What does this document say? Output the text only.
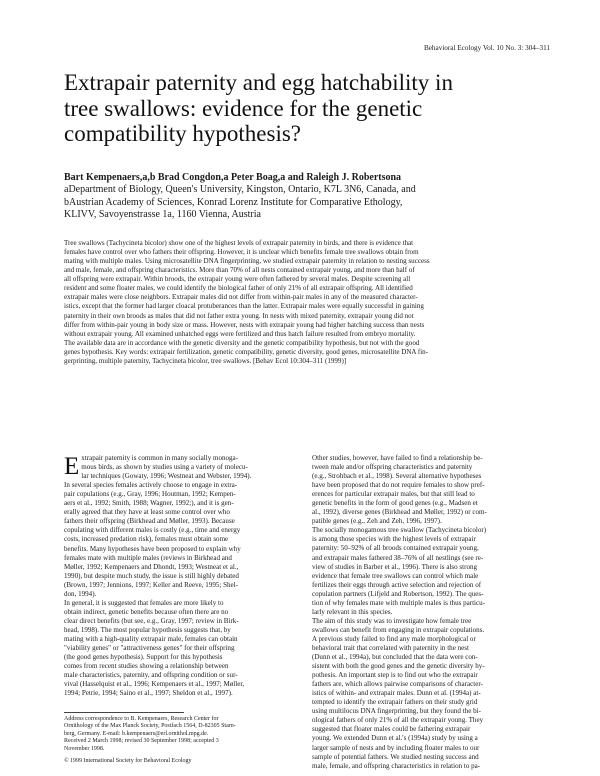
Behavioral Ecology Vol. 10 No. 3: 304–311
Extrapair paternity and egg hatchability in
tree swallows: evidence for the genetic
compatibility hypothesis?
Bart Kempenaers,a,b Brad Congdon,a Peter Boag,a and Raleigh J. Robertsona
aDepartment of Biology, Queen's University, Kingston, Ontario, K7L 3N6, Canada, and
bAustrian Academy of Sciences, Konrad Lorenz Institute for Comparative Ethology,
KLIVV, Savoyenstrasse 1a, 1160 Vienna, Austria
Tree swallows (Tachycineta bicolor) show one of the highest levels of extrapair paternity in birds, and there is evidence that
females have control over who fathers their offspring. However, it is unclear which benefits female tree swallows obtain from
mating with multiple males. Using microsatellite DNA fingerprinting, we studied extrapair paternity in relation to nesting success
and male, female, and offspring characteristics. More than 70% of all nests contained extrapair young, and more than half of
all offspring were extrapair. Within broods, the extrapair young were often fathered by several males. Despite screening all
resident and some floater males, we could identify the biological father of only 21% of all extrapair offspring. All identified
extrapair males were close neighbors. Extrapair males did not differ from within-pair males in any of the measured character-
istics, except that the former had larger cloacal protuberances than the latter. Extrapair males were equally successful in gaining
paternity in their own broods as males that did not father extra young. In nests with mixed paternity, extrapair young did not
differ from within-pair young in body size or mass. However, nests with extrapair young had higher hatching success than nests
without extrapair young. All examined unhatched eggs were fertilized and thus hatch failure resulted from embryo mortality.
The available data are in accordance with the genetic diversity and the genetic compatibility hypothesis, but not with the good
genes hypothesis. Key words: extrapair fertilization, genetic compatibility, genetic diversity, good genes, microsatellite DNA fin-
gerprinting, multiple paternity, Tachycineta bicolor, tree swallows. [Behav Ecol 10:304–311 (1999)]
E xtrapair paternity is common in many socially monoga-
mous birds, as shown by studies using a variety of molecu-
lar techniques (Gowaty, 1996; Westneat and Webster, 1994).
In several species females actively choose to engage in extra-
pair copulations (e.g., Gray, 1996; Houtman, 1992; Kempen-
aers et al., 1992; Smith, 1988; Wagner, 1992;), and it is gen-
erally agreed that they have at least some control over who
fathers their offspring (Birkhead and Møller, 1993). Because
copulating with different males is costly (e.g., time and energy
costs, increased predation risk), females must obtain some
benefits. Many hypotheses have been proposed to explain why
females mate with multiple males (reviews in Birkhead and
Møller, 1992; Kempenaers and Dhondt, 1993; Westneat et al.,
1990), but despite much study, the issue is still highly debated
(Brown, 1997; Jennions, 1997; Keller and Reeve, 1995; Shel-
don, 1994).
In general, it is suggested that females are more likely to
obtain indirect, genetic benefits because often there are no
clear direct benefits (but see, e.g., Gray, 1997; review in Birk-
head, 1998). The most popular hypothesis suggests that, by
mating with a high-quality extrapair male, females can obtain
"viability genes" or "attractiveness genes" for their offspring
(the good genes hypothesis). Support for this hypothesis
comes from recent studies showing a relationship between
male characteristics, paternity, and offspring condition or sur-
vival (Hasselquist et al., 1996; Kempenaers et al., 1997; Møller,
1994; Petrie, 1994; Saino et al., 1997; Sheldon et al., 1997).
Other studies, however, have failed to find a relationship be-
tween male and/or offspring characteristics and paternity
(e.g., Strohbach et al., 1998). Several alternative hypotheses
have been proposed that do not require females to show pref-
erences for particular extrapair males, but that still lead to
genetic benefits in the form of good genes (e.g., Madsen et
al., 1992), diverse genes (Birkhead and Møller, 1992) or com-
patible genes (e.g., Zeh and Zeh, 1996, 1997).
The socially monogamous tree swallow (Tachycineta bicolor)
is among those species with the highest levels of extrapair
paternity: 50–92% of all broods contained extrapair young,
and extrapair males fathered 38–76% of all nestlings (see re-
view of studies in Barber et al., 1996). There is also strong
evidence that female tree swallows can control which male
fertilizes their eggs through active selection and rejection of
copulation partners (Lifjeld and Robertson, 1992). The ques-
tion of why females mate with multiple males is thus particu-
larly relevant in this species.
The aim of this study was to investigate how female tree
swallows can benefit from engaging in extrapair copulations.
A previous study failed to find any male morphological or
behavioral trait that correlated with paternity in the nest
(Dunn et al., 1994a), but concluded that the data were con-
sistent with both the good genes and the genetic diversity hy-
pothesis. An important step is to find out who the extrapair
fathers are, which allows pairwise comparisons of character-
istics of within- and extrapair males. Dunn et al. (1994a) at-
tempted to identify the extrapair fathers on their study grid
using multilocus DNA fingerprinting, but they found the bi-
ological fathers of only 21% of all the extrapair young. They
suggested that floater males could be fathering extrapair
young. We extended Dunn et al.'s (1994a) study by using a
larger sample of nests and by including floater males to our
sample of potential fathers. We studied nesting success and
male, female, and offspring characteristics in relation to pa-
Address correspondence to B. Kempenaers, Research Center for
Ornithology of the Max Planck Society, Postfach 1564, D-82305 Starn-
berg, Germany. E-mail: b.kempenaers@erl.ornithol.mpg.de.
Received 2 March 1998; revised 30 September 1998; accepted 3
November 1998.
© 1999 International Society for Behavioral Ecology
